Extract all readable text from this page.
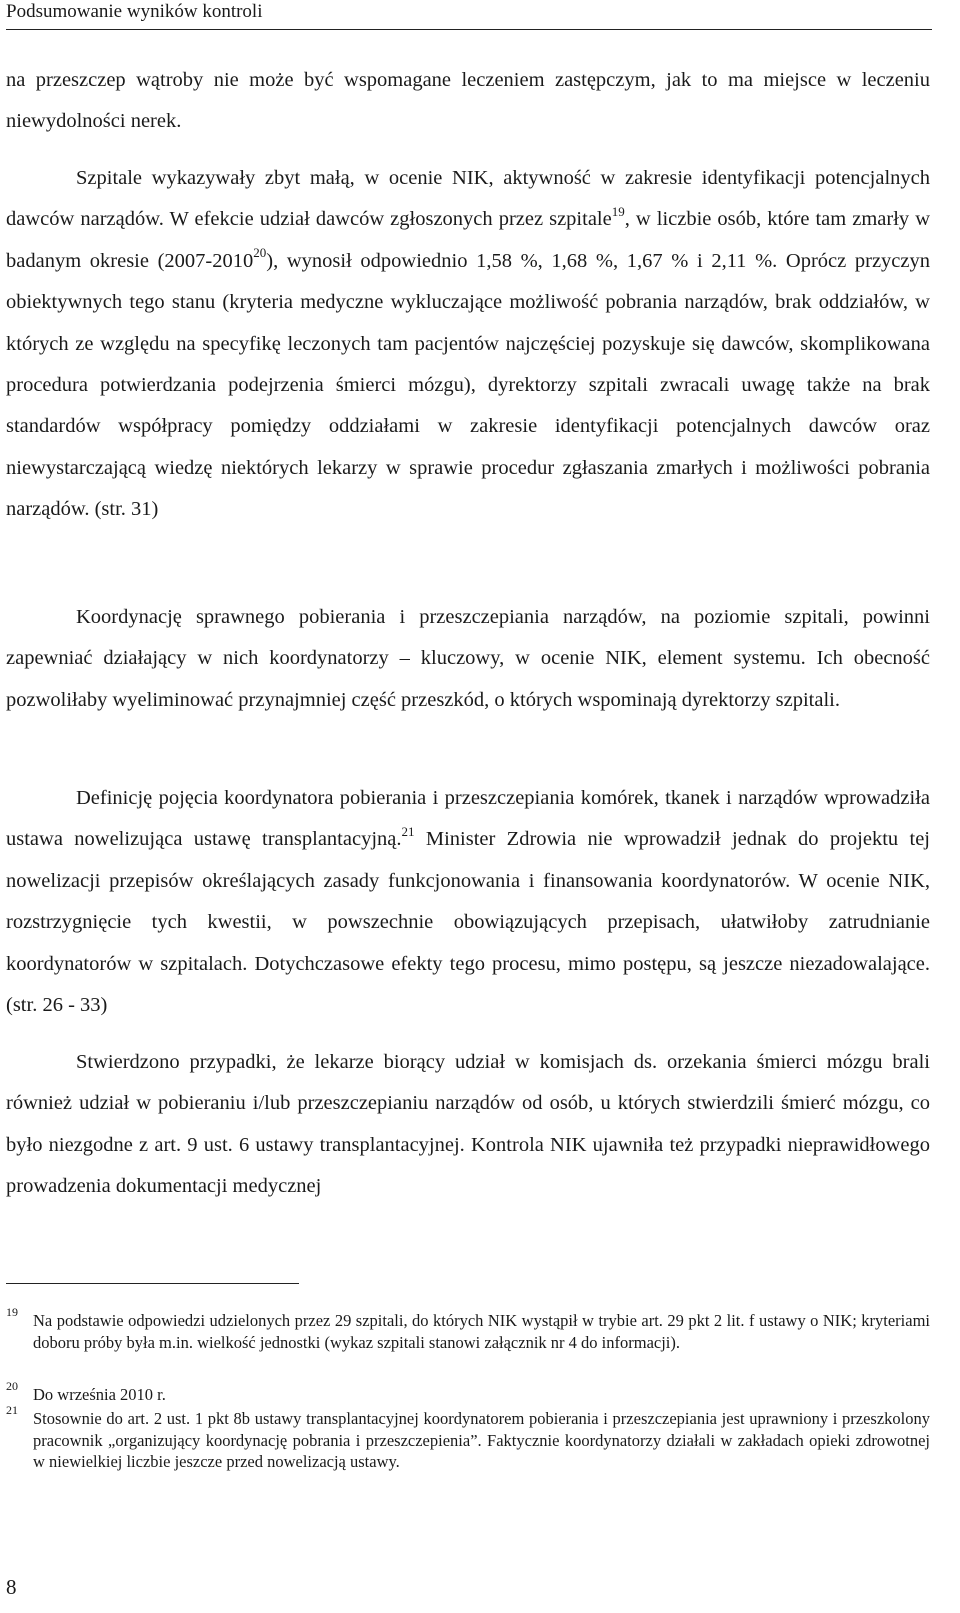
Podsumowanie wyników kontroli

na przeszczep wątroby nie może być wspomagane leczeniem zastępczym, jak to ma miejsce w leczeniu niewydolności nerek.

Szpitale wykazywały zbyt małą, w ocenie NIK, aktywność w zakresie identyfikacji potencjalnych dawców narządów. W efekcie udział dawców zgłoszonych przez szpitale$^{19}$, w liczbie osób, które tam zmarły w badanym okresie (2007-2010$^{20}$), wynosił odpowiednio 1,58 %, 1,68 %, 1,67 % i 2,11 %. Oprócz przyczyn obiektywnych tego stanu (kryteria medyczne wykluczające możliwość pobrania narządów, brak oddziałów, w których ze względu na specyfikę leczonych tam pacjentów najczęściej pozyskuje się dawców, skomplikowana procedura potwierdzania podejrzenia śmierci mózgu), dyrektorzy szpitali zwracali uwagę także na brak standardów współpracy pomiędzy oddziałami w zakresie identyfikacji potencjalnych dawców oraz niewystarczającą wiedzę niektórych lekarzy w sprawie procedur zgłaszania zmarłych i możliwości pobrania narządów. (str. 31)

Koordynację sprawnego pobierania i przeszczepiania narządów, na poziomie szpitali, powinni zapewniać działający w nich koordynatorzy – kluczowy, w ocenie NIK, element systemu. Ich obecność pozwoliłaby wyeliminować przynajmniej część przeszkód, o których wspominają dyrektorzy szpitali.

Definicję pojęcia koordynatora pobierania i przeszczepiania komórek, tkanek i narządów wprowadziła ustawa nowelizująca ustawę transplantacyjną.$^{21}$ Minister Zdrowia nie wprowadził jednak do projektu tej nowelizacji przepisów określających zasady funkcjonowania i finansowania koordynatorów. W ocenie NIK, rozstrzygnięcie tych kwestii, w powszechnie obowiązujących przepisach, ułatwiłoby zatrudnianie koordynatorów w szpitalach. Dotychczasowe efekty tego procesu, mimo postępu, są jeszcze niezadowalające. (str. 26 - 33)

Stwierdzono przypadki, że lekarze biorący udział w komisjach ds. orzekania śmierci mózgu brali również udział w pobieraniu i/lub przeszczepianiu narządów od osób, u których stwierdzili śmierć mózgu, co było niezgodne z art. 9 ust. 6 ustawy transplantacyjnej. Kontrola NIK ujawniła też przypadki nieprawidłowego prowadzenia dokumentacji medycznej

19 Na podstawie odpowiedzi udzielonych przez 29 szpitali, do których NIK wystąpił w trybie art. 29 pkt 2 lit. f ustawy o NIK; kryteriami doboru próby była m.in. wielkość jednostki (wykaz szpitali stanowi załącznik nr 4 do informacji).
20 Do września 2010 r.
21 Stosownie do art. 2 ust. 1 pkt 8b ustawy transplantacyjnej koordynatorem pobierania i przeszczepiania jest uprawniony i przeszkolony pracownik „organizujący koordynację pobrania i przeszczepienia”. Faktycznie koordynatorzy działali w zakładach opieki zdrowotnej w niewielkiej liczbie jeszcze przed nowelizacją ustawy.
8
